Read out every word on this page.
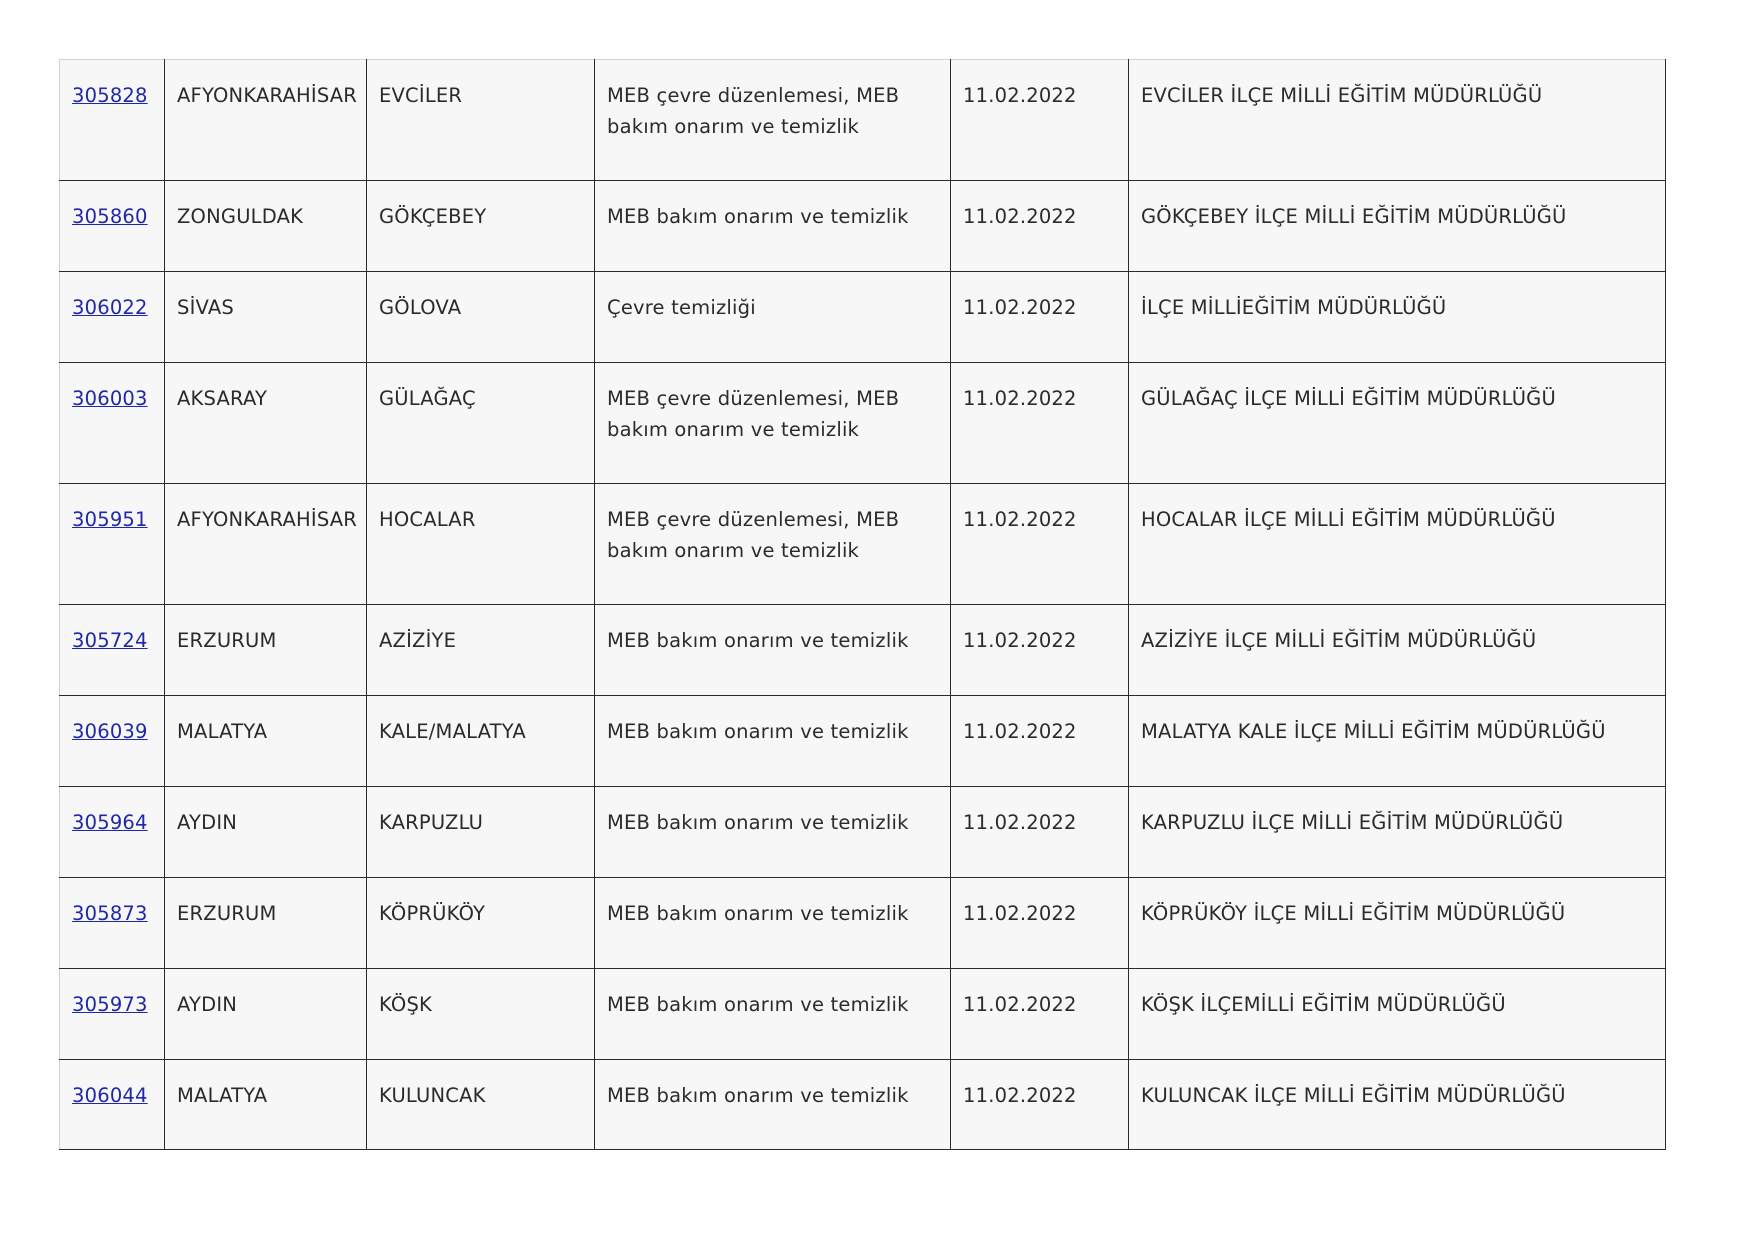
305828	AFYONKARAHİSAR	EVCİLER	MEB çevre düzenlemesi, MEB bakım onarım ve temizlik	11.02.2022	EVCİLER İLÇE MİLLİ EĞİTİM MÜDÜRLÜĞÜ
305860	ZONGULDAK	GÖKÇEBEY	MEB bakım onarım ve temizlik	11.02.2022	GÖKÇEBEY İLÇE MİLLİ EĞİTİM MÜDÜRLÜĞÜ
306022	SİVAS	GÖLOVA	Çevre temizliği	11.02.2022	İLÇE MİLLİEĞİTİM MÜDÜRLÜĞÜ
306003	AKSARAY	GÜLAĞAÇ	MEB çevre düzenlemesi, MEB bakım onarım ve temizlik	11.02.2022	GÜLAĞAÇ İLÇE MİLLİ EĞİTİM MÜDÜRLÜĞÜ
305951	AFYONKARAHİSAR	HOCALAR	MEB çevre düzenlemesi, MEB bakım onarım ve temizlik	11.02.2022	HOCALAR İLÇE MİLLİ EĞİTİM MÜDÜRLÜĞÜ
305724	ERZURUM	AZİZİYE	MEB bakım onarım ve temizlik	11.02.2022	AZİZİYE İLÇE MİLLİ EĞİTİM MÜDÜRLÜĞÜ
306039	MALATYA	KALE/MALATYA	MEB bakım onarım ve temizlik	11.02.2022	MALATYA KALE İLÇE MİLLİ EĞİTİM MÜDÜRLÜĞÜ
305964	AYDIN	KARPUZLU	MEB bakım onarım ve temizlik	11.02.2022	KARPUZLU İLÇE MİLLİ EĞİTİM MÜDÜRLÜĞÜ
305873	ERZURUM	KÖPRÜKÖY	MEB bakım onarım ve temizlik	11.02.2022	KÖPRÜKÖY İLÇE MİLLİ EĞİTİM MÜDÜRLÜĞÜ
305973	AYDIN	KÖŞK	MEB bakım onarım ve temizlik	11.02.2022	KÖŞK İLÇEMİLLİ EĞİTİM MÜDÜRLÜĞÜ
306044	MALATYA	KULUNCAK	MEB bakım onarım ve temizlik	11.02.2022	KULUNCAK İLÇE MİLLİ EĞİTİM MÜDÜRLÜĞÜ
